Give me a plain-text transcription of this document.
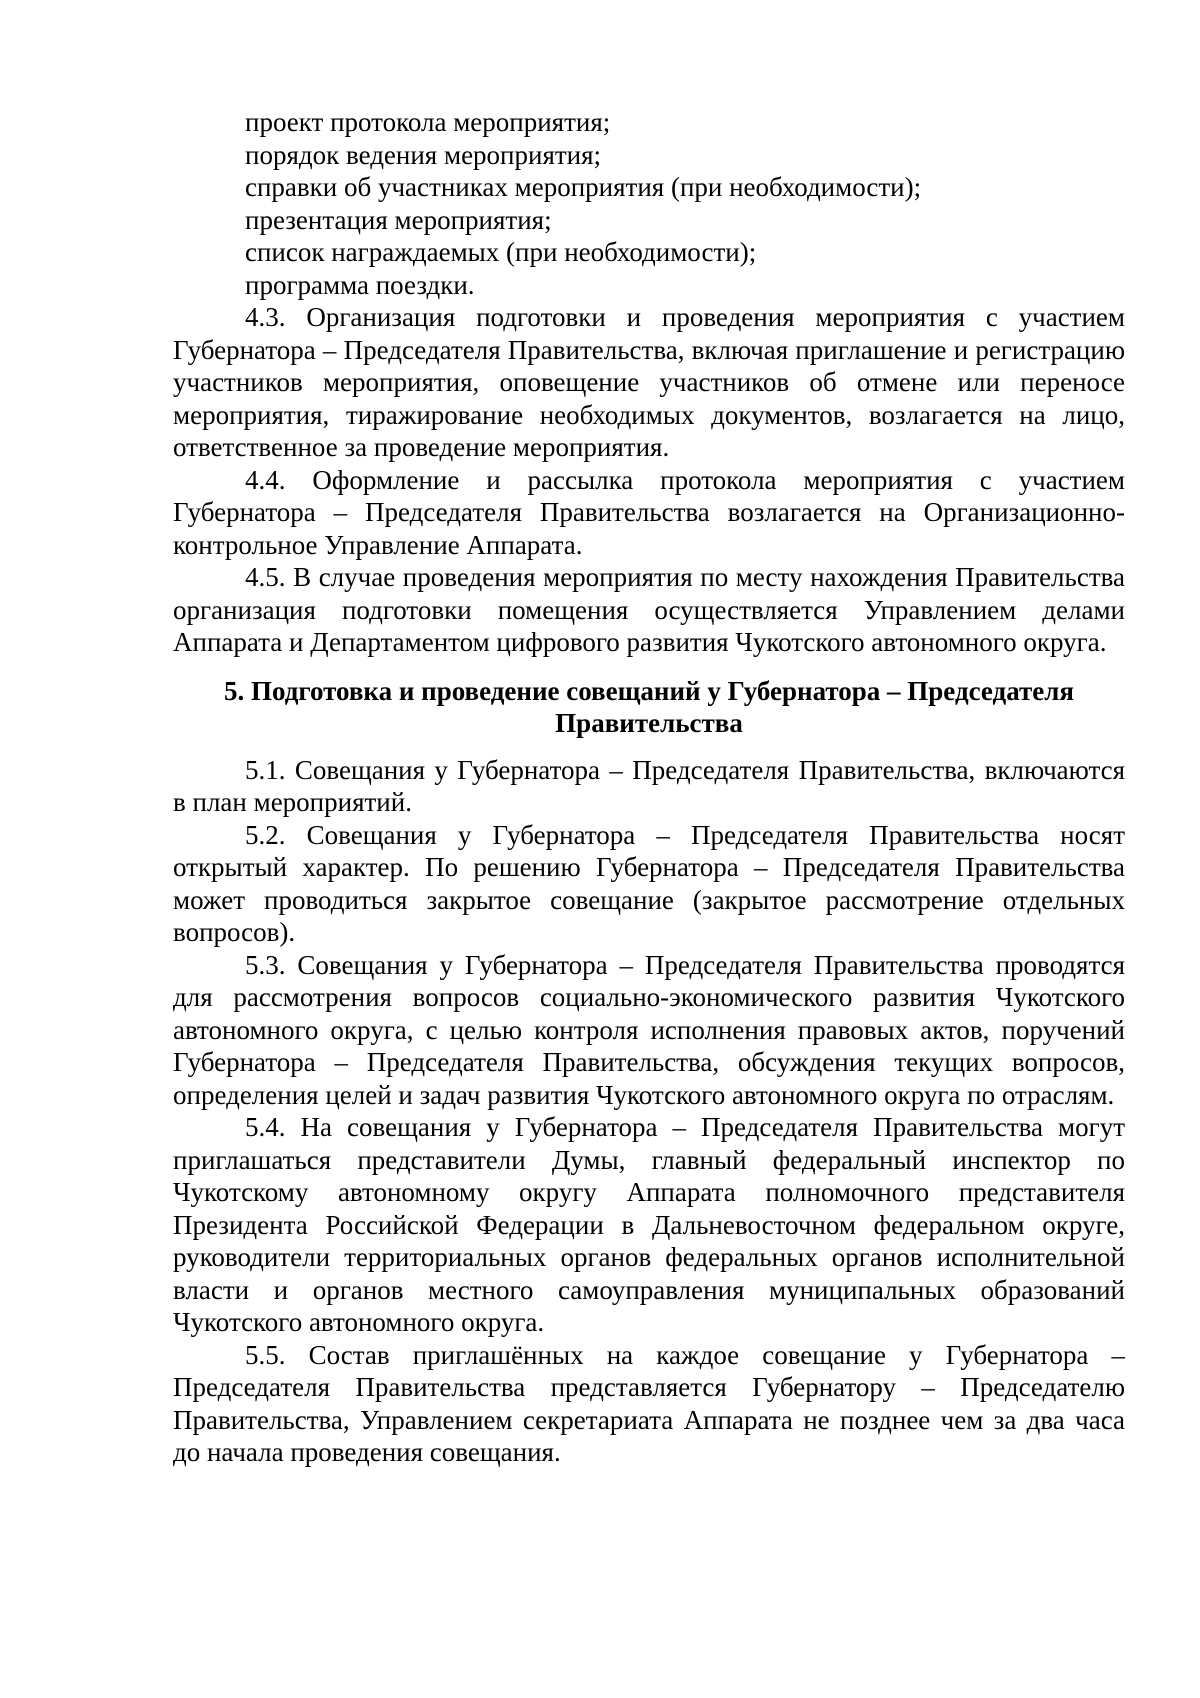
проект протокола мероприятия;

порядок ведения мероприятия;

справки об участниках мероприятия (при необходимости);

презентация мероприятия;

список награждаемых (при необходимости);

программа поездки.

4.3. Организация подготовки и проведения мероприятия с участием Губернатора – Председателя Правительства, включая приглашение и регистрацию участников мероприятия, оповещение участников об отмене или переносе мероприятия, тиражирование необходимых документов, возлагается на лицо, ответственное за проведение мероприятия.

4.4. Оформление и рассылка протокола мероприятия с участием Губернатора – Председателя Правительства возлагается на Организационно-контрольное Управление Аппарата.

4.5. В случае проведения мероприятия по месту нахождения Правительства организация подготовки помещения осуществляется Управлением делами Аппарата и Департаментом цифрового развития Чукотского автономного округа.

5. Подготовка и проведение совещаний у Губернатора – Председателя
Правительства

5.1. Совещания у Губернатора – Председателя Правительства, включаются в план мероприятий.

5.2. Совещания у Губернатора – Председателя Правительства носят открытый характер. По решению Губернатора – Председателя Правительства может проводиться закрытое совещание (закрытое рассмотрение отдельных вопросов).

5.3. Совещания у Губернатора – Председателя Правительства проводятся для рассмотрения вопросов социально-экономического развития Чукотского автономного округа, с целью контроля исполнения правовых актов, поручений Губернатора – Председателя Правительства, обсуждения текущих вопросов, определения целей и задач развития Чукотского автономного округа по отраслям.

5.4. На совещания у Губернатора – Председателя Правительства могут приглашаться представители Думы, главный федеральный инспектор по Чукотскому автономному округу Аппарата полномочного представителя Президента Российской Федерации в Дальневосточном федеральном округе, руководители территориальных органов федеральных органов исполнительной власти и органов местного самоуправления муниципальных образований Чукотского автономного округа.

5.5. Состав приглашённых на каждое совещание у Губернатора – Председателя Правительства представляется Губернатору – Председателю Правительства, Управлением секретариата Аппарата не позднее чем за два часа до начала проведения совещания.
